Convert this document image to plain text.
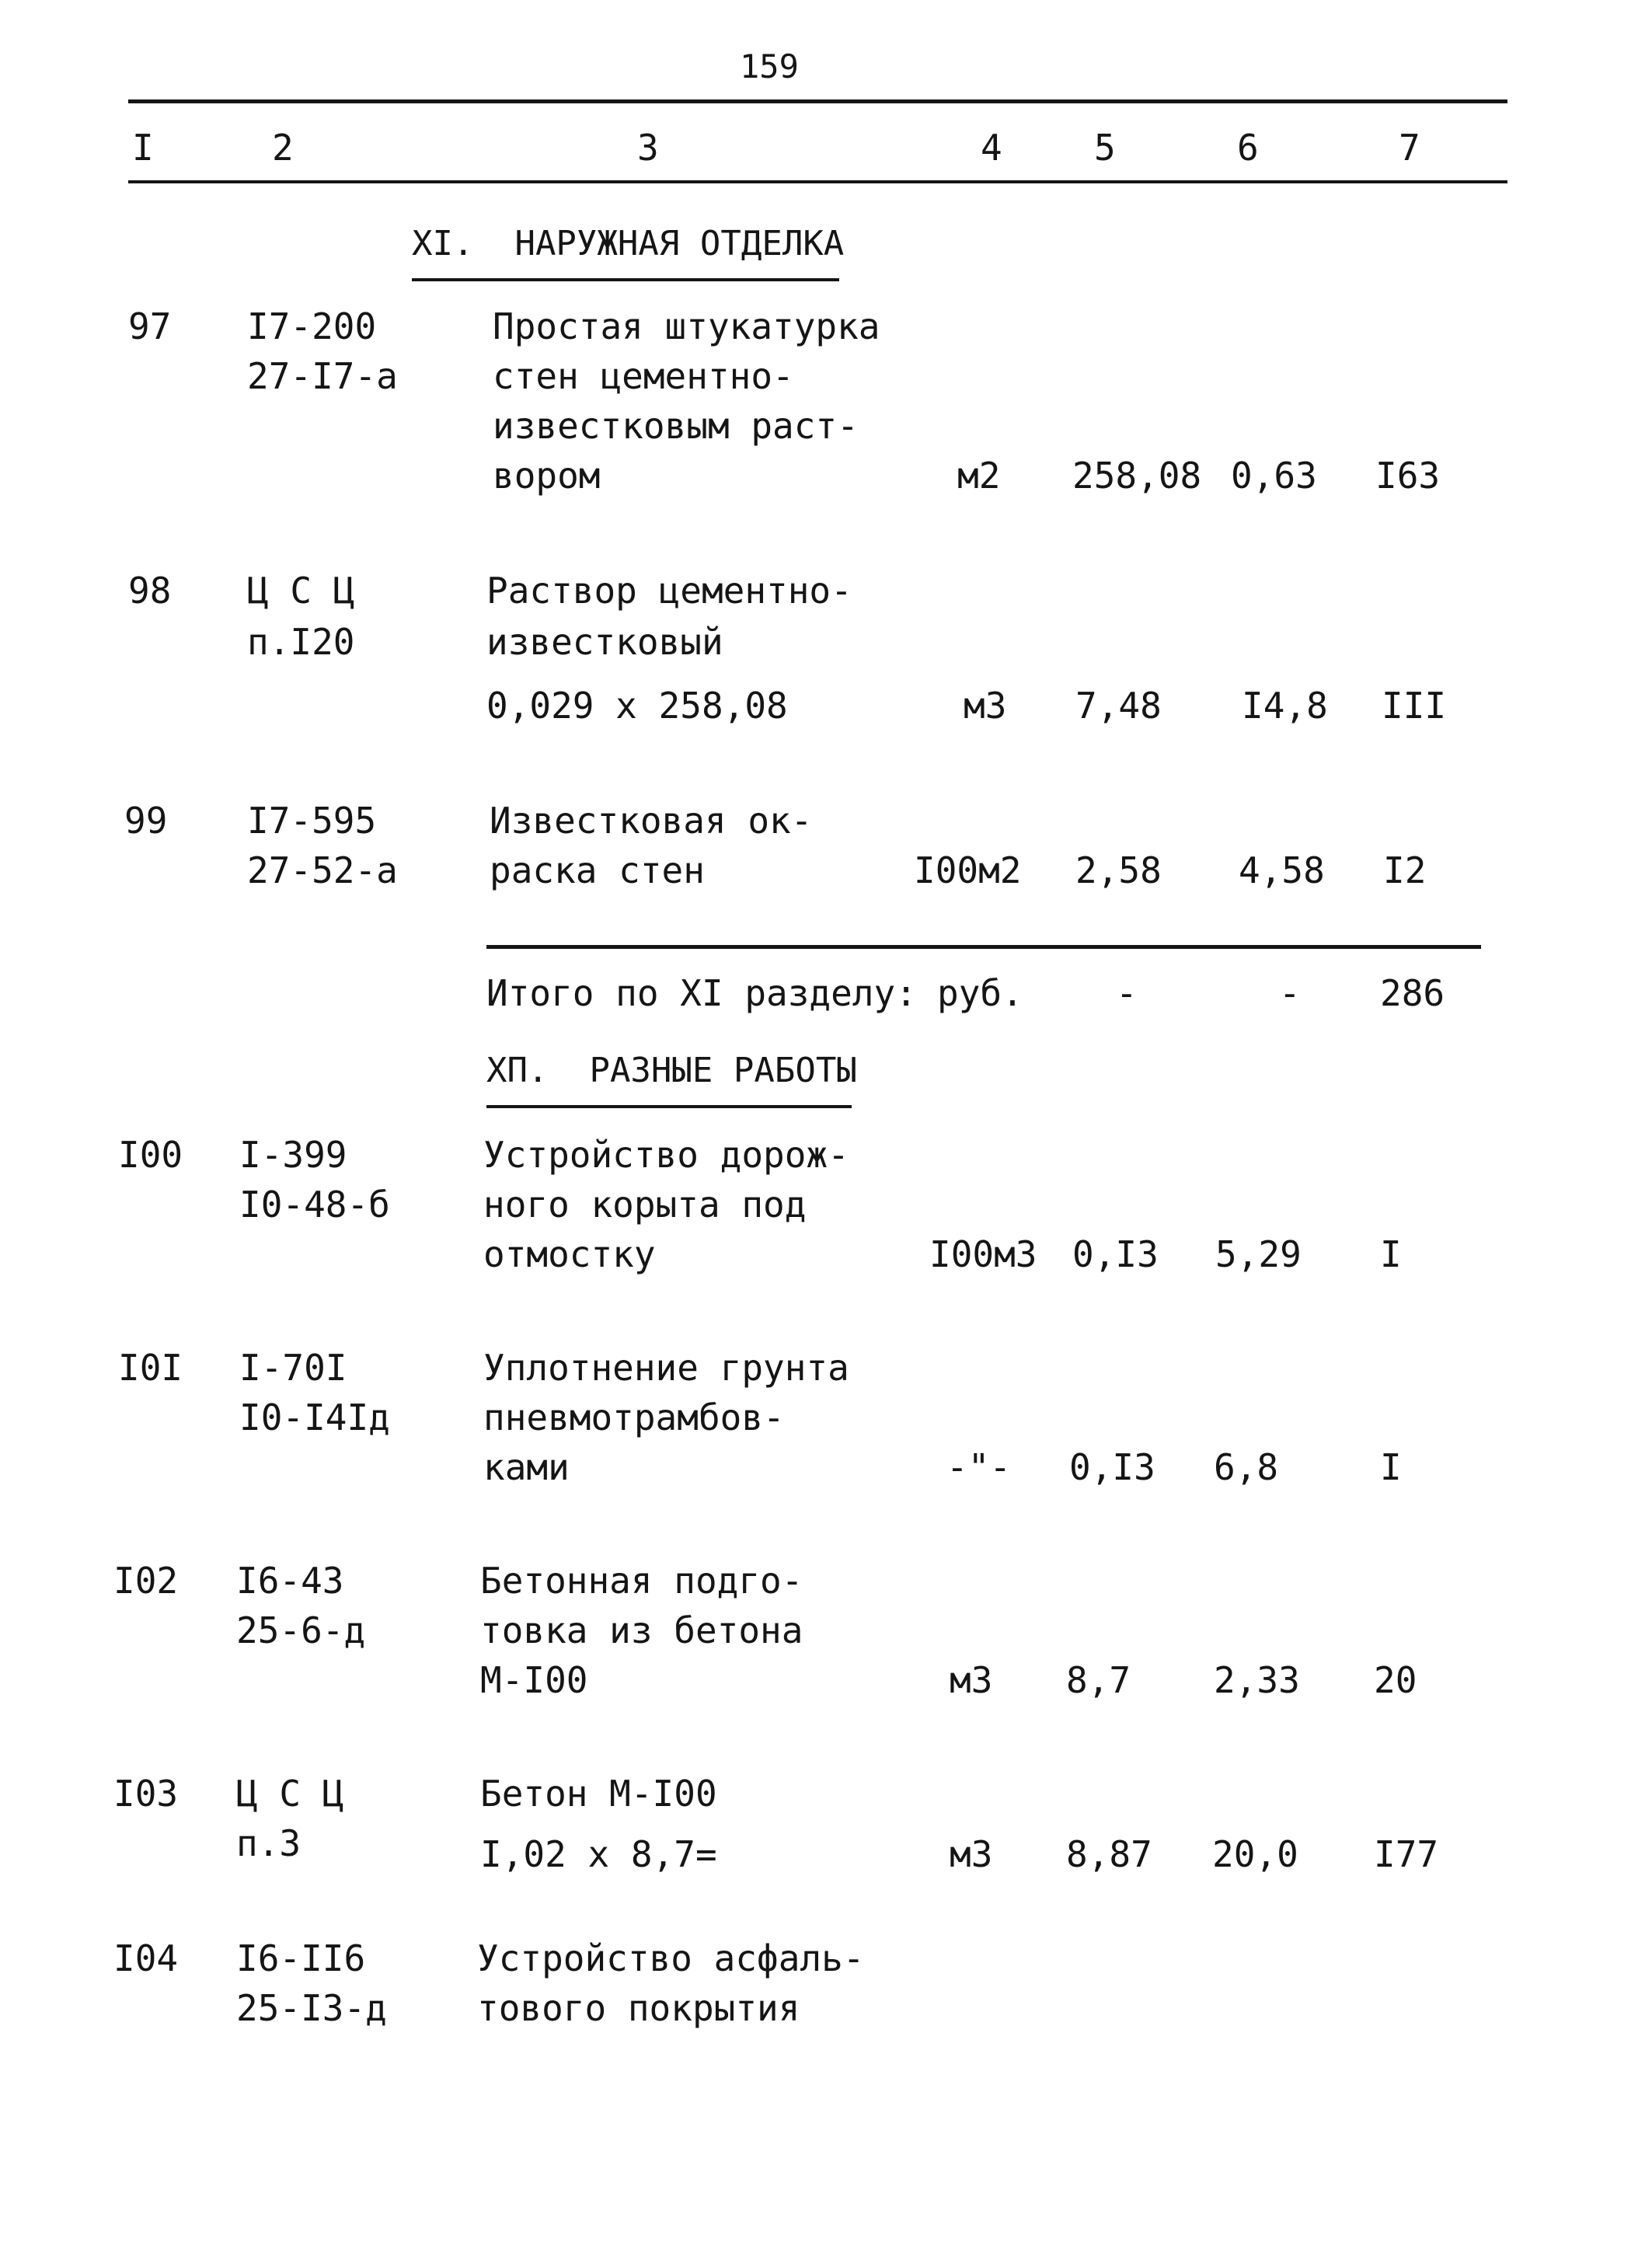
159
I	2	3	4	5	6	7
XI.  НАРУЖНАЯ ОТДЕЛКА
97 I7-200
27-I7-а
Простая штукатурка
стен цементно-
известковым раст-
вором	м2 258,08 0,63 I63
98 Ц С Ц
п.I20
Раствор цементно-
известковый
0,029 х 258,08	м3 7,48 I4,8 III
99 I7-595
27-52-а
Известковая ок-
раска стен	I00м2 2,58 4,58 I2
Итого по XI разделу: руб.	-	- 286
ХП.  РАЗНЫЕ РАБОТЫ
I00 I-399
I0-48-б
Устройство дорож-
ного корыта под
отмостку	I00м3 0,I3 5,29 I
I0I I-70I
I0-I4Iд
Уплотнение грунта
пневмотрамбов-
ками	-"- 0,I3 6,8	I
I02 I6-43
25-6-д
Бетонная подго-
товка из бетона
М-I00	м3 8,7 2,33 20
I03 Ц С Ц
п.3
Бетон М-I00
I,02 х 8,7=	м3 8,87 20,0 I77
I04 I6-II6
25-I3-д
Устройство асфаль-
тового покрытия
